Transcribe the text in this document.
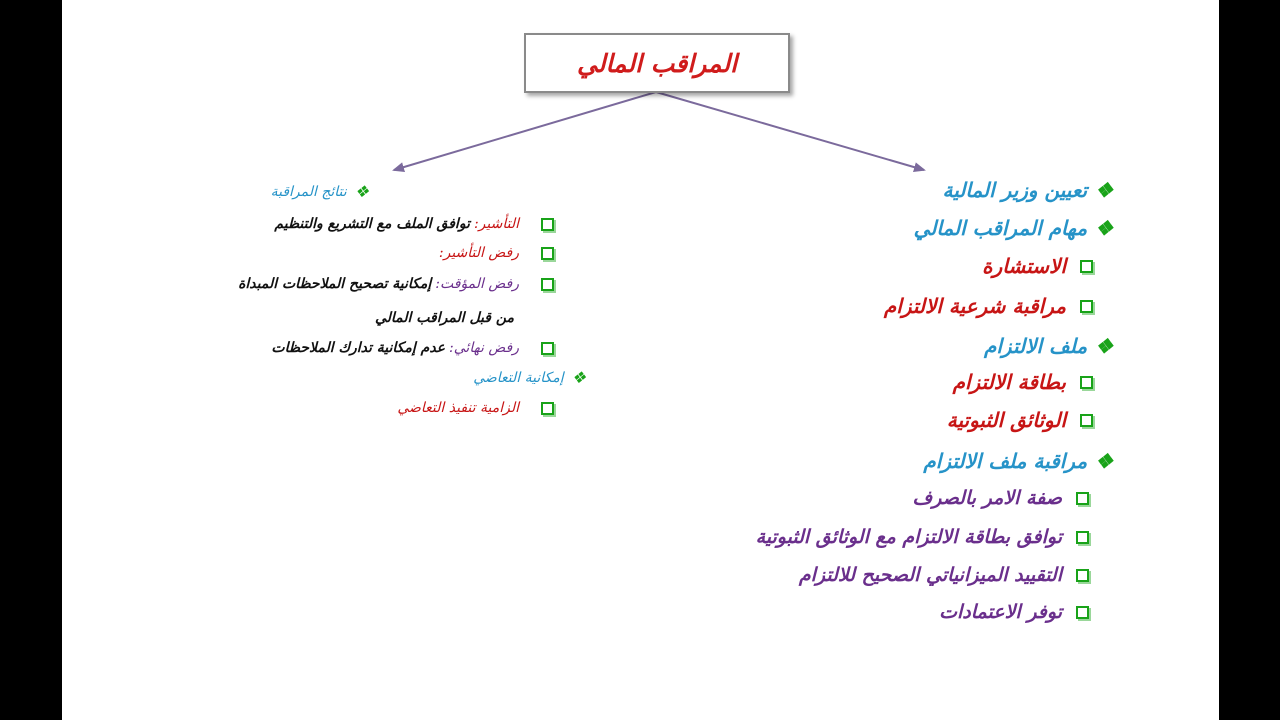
المراقب المالي
❖
تعيين وزير المالية
❖
مهام المراقب المالي
الاستشارة
مراقبة شرعية الالتزام
❖
ملف الالتزام
بطاقة الالتزام
الوثائق الثبوتية
❖
مراقبة ملف الالتزام
صفة الامر بالصرف
توافق بطاقة الالتزام مع الوثائق الثبوتية
التقييد الميزانياتي الصحيح للالتزام
توفر الاعتمادات
❖
نتائج المراقبة
التأشير:
توافق الملف مع التشريع والتنظيم
رفض التأشير:
رفض المؤقت:
إمكانية تصحيح الملاحظات المبداة
من قبل المراقب المالي
رفض نهائي:
عدم إمكانية تدارك الملاحظات
❖
إمكانية التعاضي
الزامية تنفيذ التعاضي
